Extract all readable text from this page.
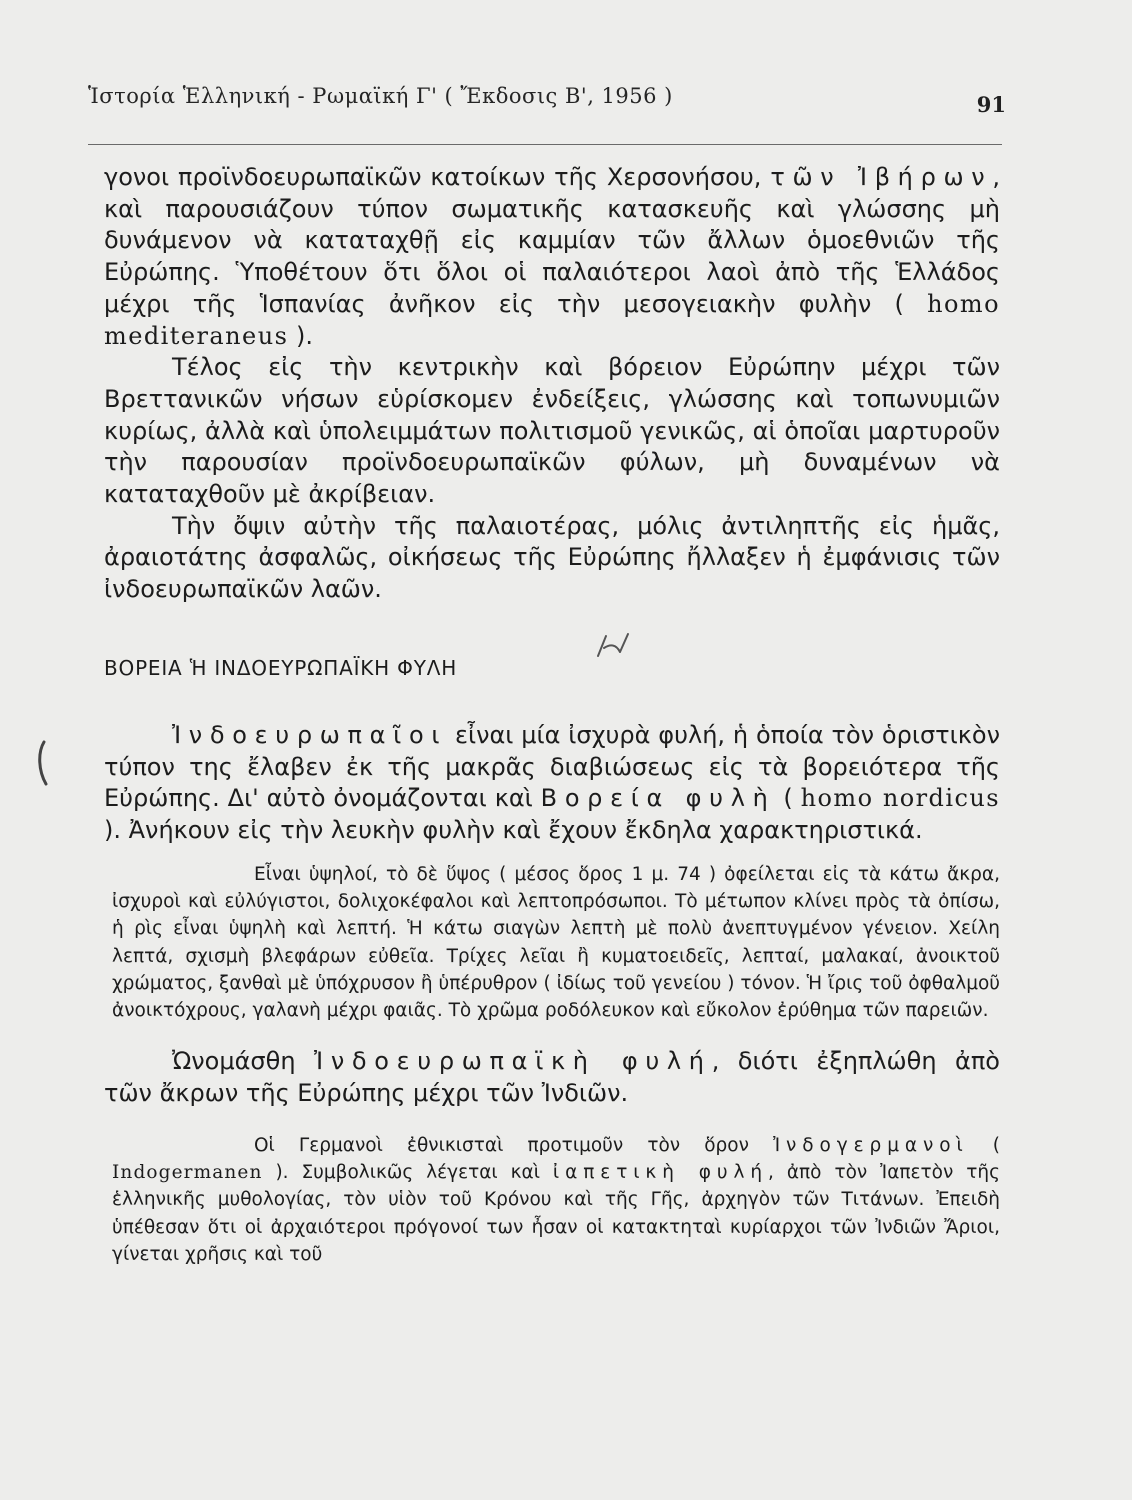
Ἱστορία Ἑλληνική - Ρωμαϊκή Γ' ( Ἔκδοσις Β', 1956 )	91

γονοι προϊνδοευρωπαϊκῶν κατοίκων τῆς Χερσονήσου, τῶν Ἰβήρων, καὶ παρουσιάζουν τύπον σωματικῆς κατασκευῆς καὶ γλώσσης μὴ δυνάμενον νὰ καταταχθῇ εἰς καμμίαν τῶν ἄλλων ὁμοεθνιῶν τῆς Εὐρώπης. Ὑποθέτουν ὅτι ὅλοι οἱ παλαιότεροι λαοὶ ἀπὸ τῆς Ἑλλάδος μέχρι τῆς Ἱσπανίας ἀνῆκον εἰς τὴν μεσογειακὴν φυλὴν ( homo mediteraneus ).

Τέλος εἰς τὴν κεντρικὴν καὶ βόρειον Εὐρώπην μέχρι τῶν Βρεττανικῶν νήσων εὑρίσκομεν ἐνδείξεις, γλώσσης καὶ τοπωνυμιῶν κυρίως, ἀλλὰ καὶ ὑπολειμμάτων πολιτισμοῦ γενικῶς, αἱ ὁποῖαι μαρτυροῦν τὴν παρουσίαν προϊνδοευρωπαϊκῶν φύλων, μὴ δυναμένων νὰ καταταχθοῦν μὲ ἀκρίβειαν.

Τὴν ὄψιν αὐτὴν τῆς παλαιοτέρας, μόλις ἀντιληπτῆς εἰς ἡμᾶς, ἀραιοτάτης ἀσφαλῶς, οἰκήσεως τῆς Εὐρώπης ἤλλαξεν ἡ ἐμφάνισις τῶν ἰνδοευρωπαϊκῶν λαῶν.

ΒΟΡΕΙΑ Ἡ ΙΝΔΟΕΥΡΩΠΑΪΚΗ ΦΥΛΗ

Ἰνδοευρωπαῖοι εἶναι μία ἰσχυρὰ φυλή, ἡ ὁποία τὸν ὁριστικὸν τύπον της ἔλαβεν ἐκ τῆς μακρᾶς διαβιώσεως εἰς τὰ βορειότερα τῆς Εὐρώπης. Δι' αὐτὸ ὀνομάζονται καὶ Βορεία φυλὴ ( homo nordicus ). Ἀνήκουν εἰς τὴν λευκὴν φυλὴν καὶ ἔχουν ἔκδηλα χαρακτηριστικά.

Εἶναι ὑψηλοί, τὸ δὲ ὕψος ( μέσος ὅρος 1 μ. 74 ) ὀφείλεται εἰς τὰ κάτω ἄκρα, ἰσχυροὶ καὶ εὐλύγιστοι, δολιχοκέφαλοι καὶ λεπτοπρόσωποι. Τὸ μέτωπον κλίνει πρὸς τὰ ὀπίσω, ἡ ρὶς εἶναι ὑψηλὴ καὶ λεπτή. Ἡ κάτω σιαγὼν λεπτὴ μὲ πολὺ ἀνεπτυγμένον γένειον. Χείλη λεπτά, σχισμὴ βλεφάρων εὐθεῖα. Τρίχες λεῖαι ἢ κυματοειδεῖς, λεπταί, μαλακαί, ἀνοικτοῦ χρώματος, ξανθαὶ μὲ ὑπόχρυσον ἢ ὑπέρυθρον ( ἰδίως τοῦ γενείου ) τόνον. Ἡ ἴρις τοῦ ὀφθαλμοῦ ἀνοικτόχρους, γαλανὴ μέχρι φαιᾶς. Τὸ χρῶμα ροδόλευκον καὶ εὔκολον ἐρύθημα τῶν παρειῶν.

Ὠνομάσθη Ἰνδοευρωπαϊκὴ φυλή, διότι ἐξηπλώθη ἀπὸ τῶν ἄκρων τῆς Εὐρώπης μέχρι τῶν Ἰνδιῶν.

Οἱ Γερμανοὶ ἐθνικισταὶ προτιμοῦν τὸν ὅρον Ἰνδογερμανοὶ ( Indogermanen ). Συμβολικῶς λέγεται καὶ ἰαπετικὴ φυλή, ἀπὸ τὸν Ἰαπετὸν τῆς ἑλληνικῆς μυθολογίας, τὸν υἱὸν τοῦ Κρόνου καὶ τῆς Γῆς, ἀρχηγὸν τῶν Τιτάνων. Ἐπειδὴ ὑπέθεσαν ὅτι οἱ ἀρχαιότεροι πρόγονοί των ἦσαν οἱ κατακτηταὶ κυρίαρχοι τῶν Ἰνδιῶν Ἄριοι, γίνεται χρῆσις καὶ τοῦ
